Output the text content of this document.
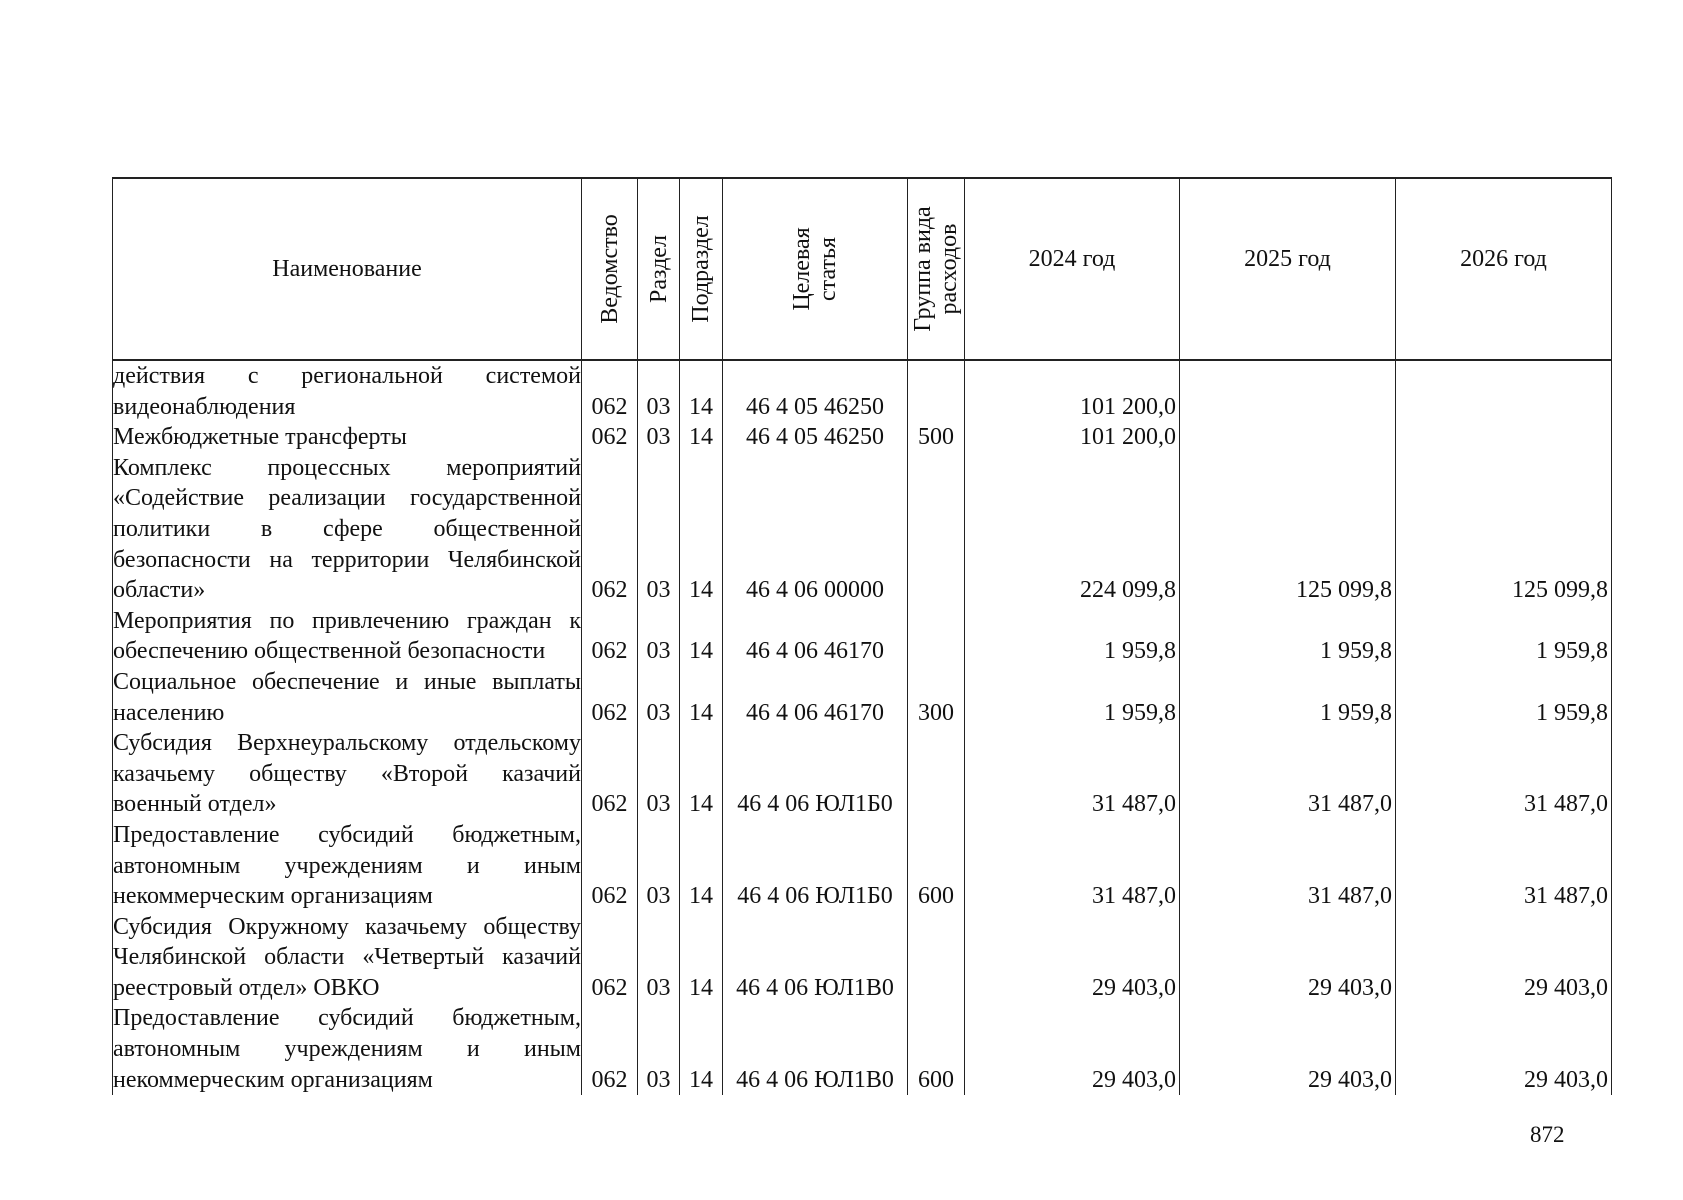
Наименование	Ведомство	Раздел	Подраздел	Целевая статья	Группа вида расходов	2024 год	2025 год	2026 год
действия с региональной системой видеонаблюдения	062	03	14	46 4 05 46250		101 200,0		
Межбюджетные трансферты	062	03	14	46 4 05 46250	500	101 200,0		
Комплекс процессных мероприятий «Содействие реализации государственной политики в сфере общественной безопасности на территории Челябинской области»	062	03	14	46 4 06 00000		224 099,8	125 099,8	125 099,8
Мероприятия по привлечению граждан к обеспечению общественной безопасности	062	03	14	46 4 06 46170		1 959,8	1 959,8	1 959,8
Социальное обеспечение и иные выплаты населению	062	03	14	46 4 06 46170	300	1 959,8	1 959,8	1 959,8
Субсидия Верхнеуральскому отдельскому казачьему обществу «Второй казачий военный отдел»	062	03	14	46 4 06 ЮЛ1Б0		31 487,0	31 487,0	31 487,0
Предоставление субсидий бюджетным, автономным учреждениям и иным некоммерческим организациям	062	03	14	46 4 06 ЮЛ1Б0	600	31 487,0	31 487,0	31 487,0
Субсидия Окружному казачьему обществу Челябинской области «Четвертый казачий реестровый отдел» ОВКО	062	03	14	46 4 06 ЮЛ1В0		29 403,0	29 403,0	29 403,0
Предоставление субсидий бюджетным, автономным учреждениям и иным некоммерческим организациям	062	03	14	46 4 06 ЮЛ1В0	600	29 403,0	29 403,0	29 403,0
872
